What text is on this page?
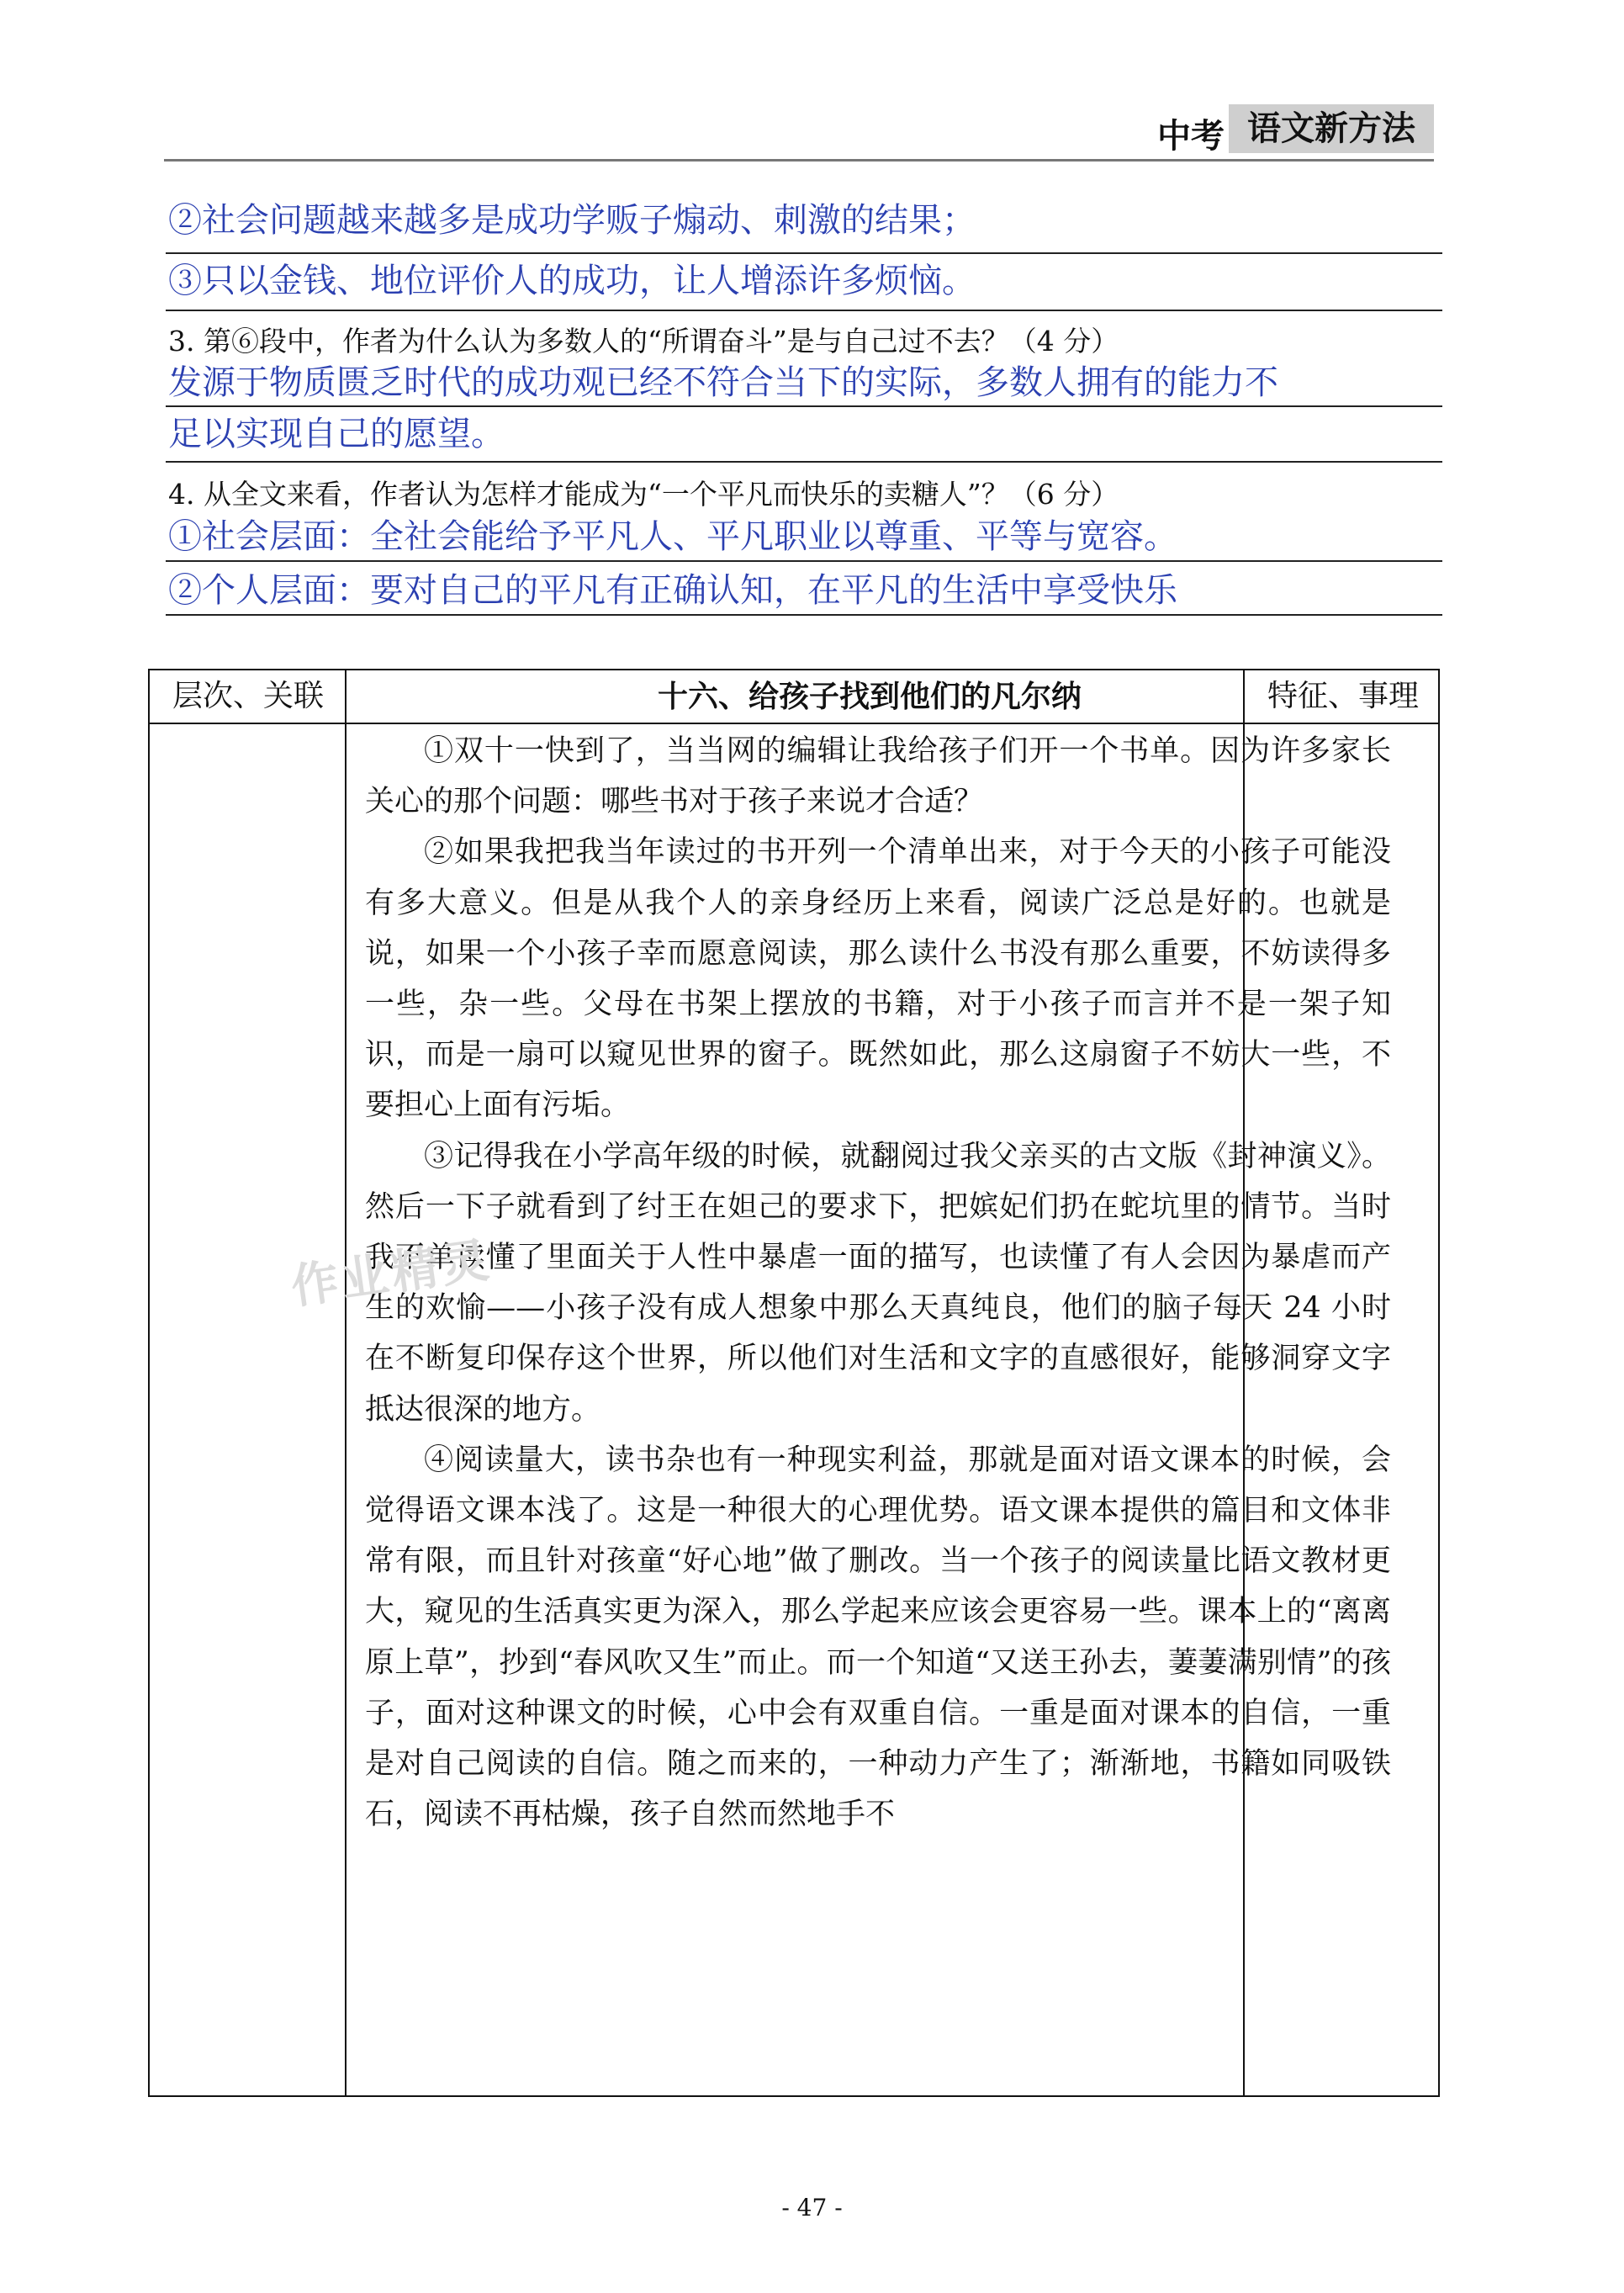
中考 语文新方法
②社会问题越来越多是成功学贩子煽动、刺激的结果；
③只以金钱、地位评价人的成功，让人增添许多烦恼。
3. 第⑥段中，作者为什么认为多数人的“所谓奋斗”是与自己过不去？（4 分）
发源于物质匮乏时代的成功观已经不符合当下的实际，多数人拥有的能力不
足以实现自己的愿望。
4. 从全文来看，作者认为怎样才能成为“一个平凡而快乐的卖糖人”？（6 分）
①社会层面：全社会能给予平凡人、平凡职业以尊重、平等与宽容。
②个人层面：要对自己的平凡有正确认知，在平凡的生活中享受快乐
层次、关联	十六、给孩子找到他们的凡尔纳	特征、事理

①双十一快到了，当当网的编辑让我给孩子们开一个书单。因为许多家长关心的那个问题：哪些书对于孩子来说才合适？

②如果我把我当年读过的书开列一个清单出来，对于今天的小孩子可能没有多大意义。但是从我个人的亲身经历上来看，阅读广泛总是好的。也就是说，如果一个小孩子幸而愿意阅读，那么读什么书没有那么重要，不妨读得多一些，杂一些。父母在书架上摆放的书籍，对于小孩子而言并不是一架子知识，而是一扇可以窥见世界的窗子。既然如此，那么这扇窗子不妨大一些，不要担心上面有污垢。

③记得我在小学高年级的时候，就翻阅过我父亲买的古文版《封神演义》。然后一下子就看到了纣王在妲己的要求下，把嫔妃们扔在蛇坑里的情节。当时我不单读懂了里面关于人性中暴虐一面的描写，也读懂了有人会因为暴虐而产生的欢愉——小孩子没有成人想象中那么天真纯良，他们的脑子每天 24 小时在不断复印保存这个世界，所以他们对生活和文字的直感很好，能够洞穿文字抵达很深的地方。

④阅读量大，读书杂也有一种现实利益，那就是面对语文课本的时候，会觉得语文课本浅了。这是一种很大的心理优势。语文课本提供的篇目和文体非常有限，而且针对孩童“好心地”做了删改。当一个孩子的阅读量比语文教材更大，窥见的生活真实更为深入，那么学起来应该会更容易一些。课本上的“离离原上草”，抄到“春风吹又生”而止。而一个知道“又送王孙去，萋萋满别情”的孩子，面对这种课文的时候，心中会有双重自信。一重是面对课本的自信，一重是对自己阅读的自信。随之而来的，一种动力产生了；渐渐地，书籍如同吸铁石，阅读不再枯燥，孩子自然而然地手不

作业精灵
- 47 -
